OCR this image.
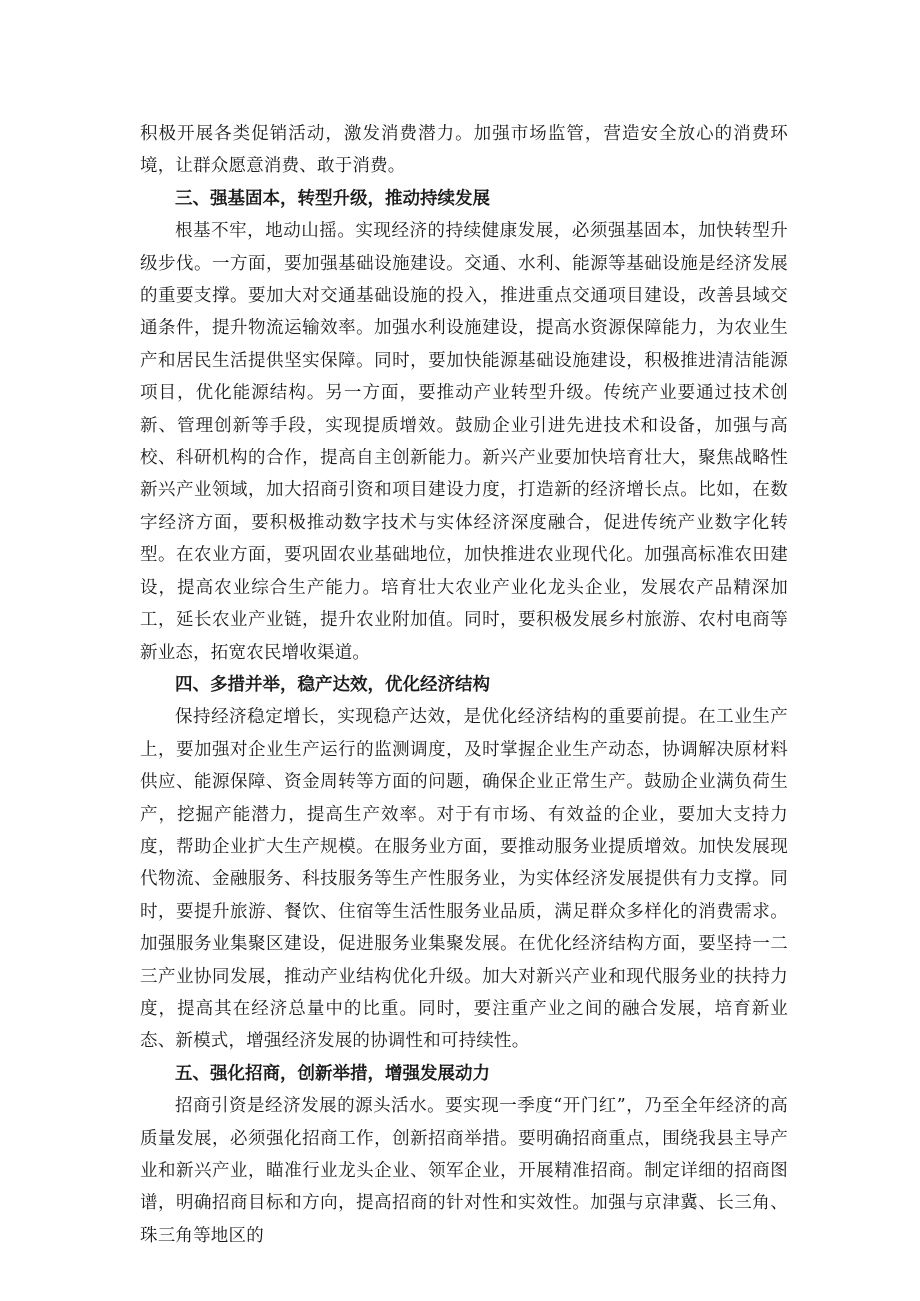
积极开展各类促销活动，激发消费潜力。加强市场监管，营造安全放心的消费环境，让群众愿意消费、敢于消费。

三、强基固本，转型升级，推动持续发展

根基不牢，地动山摇。实现经济的持续健康发展，必须强基固本，加快转型升级步伐。一方面，要加强基础设施建设。交通、水利、能源等基础设施是经济发展的重要支撑。要加大对交通基础设施的投入，推进重点交通项目建设，改善县域交通条件，提升物流运输效率。加强水利设施建设，提高水资源保障能力，为农业生产和居民生活提供坚实保障。同时，要加快能源基础设施建设，积极推进清洁能源项目，优化能源结构。另一方面，要推动产业转型升级。传统产业要通过技术创新、管理创新等手段，实现提质增效。鼓励企业引进先进技术和设备，加强与高校、科研机构的合作，提高自主创新能力。新兴产业要加快培育壮大，聚焦战略性新兴产业领域，加大招商引资和项目建设力度，打造新的经济增长点。比如，在数字经济方面，要积极推动数字技术与实体经济深度融合，促进传统产业数字化转型。在农业方面，要巩固农业基础地位，加快推进农业现代化。加强高标准农田建设，提高农业综合生产能力。培育壮大农业产业化龙头企业，发展农产品精深加工，延长农业产业链，提升农业附加值。同时，要积极发展乡村旅游、农村电商等新业态，拓宽农民增收渠道。

四、多措并举，稳产达效，优化经济结构

保持经济稳定增长，实现稳产达效，是优化经济结构的重要前提。在工业生产上，要加强对企业生产运行的监测调度，及时掌握企业生产动态，协调解决原材料供应、能源保障、资金周转等方面的问题，确保企业正常生产。鼓励企业满负荷生产，挖掘产能潜力，提高生产效率。对于有市场、有效益的企业，要加大支持力度，帮助企业扩大生产规模。在服务业方面，要推动服务业提质增效。加快发展现代物流、金融服务、科技服务等生产性服务业，为实体经济发展提供有力支撑。同时，要提升旅游、餐饮、住宿等生活性服务业品质，满足群众多样化的消费需求。加强服务业集聚区建设，促进服务业集聚发展。在优化经济结构方面，要坚持一二三产业协同发展，推动产业结构优化升级。加大对新兴产业和现代服务业的扶持力度，提高其在经济总量中的比重。同时，要注重产业之间的融合发展，培育新业态、新模式，增强经济发展的协调性和可持续性。

五、强化招商，创新举措，增强发展动力

招商引资是经济发展的源头活水。要实现一季度“开门红”，乃至全年经济的高质量发展，必须强化招商工作，创新招商举措。要明确招商重点，围绕我县主导产业和新兴产业，瞄准行业龙头企业、领军企业，开展精准招商。制定详细的招商图谱，明确招商目标和方向，提高招商的针对性和实效性。加强与京津冀、长三角、珠三角等地区的
